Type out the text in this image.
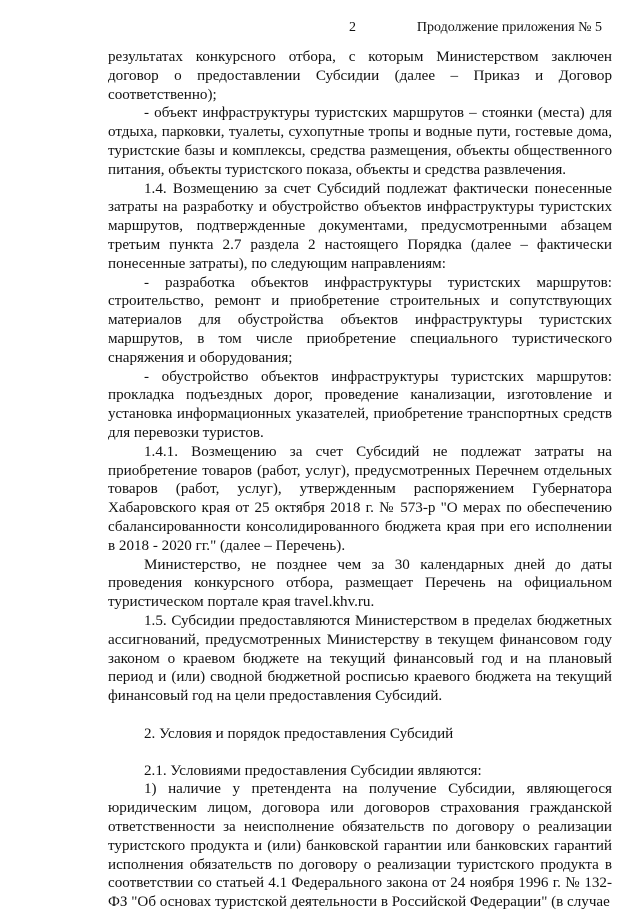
2	Продолжение приложения № 5

результатах конкурсного отбора, с которым Министерством заключен договор о предоставлении Субсидии (далее – Приказ и Договор соответственно);

- объект инфраструктуры туристских маршрутов – стоянки (места) для отдыха, парковки, туалеты, сухопутные тропы и водные пути, гостевые дома, туристские базы и комплексы, средства размещения, объекты общественного питания, объекты туристского показа, объекты и средства развлечения.

1.4. Возмещению за счет Субсидий подлежат фактически понесенные затраты на разработку и обустройство объектов инфраструктуры туристских маршрутов, подтвержденные документами, предусмотренными абзацем третьим пункта 2.7 раздела 2 настоящего Порядка (далее – фактически понесенные затраты), по следующим направлениям:

- разработка объектов инфраструктуры туристских маршрутов: строительство, ремонт и приобретение строительных и сопутствующих материалов для обустройства объектов инфраструктуры туристских маршрутов, в том числе приобретение специального туристического снаряжения и оборудования;

- обустройство объектов инфраструктуры туристских маршрутов: прокладка подъездных дорог, проведение канализации, изготовление и установка информационных указателей, приобретение транспортных средств для перевозки туристов.

1.4.1. Возмещению за счет Субсидий не подлежат затраты на приобретение товаров (работ, услуг), предусмотренных Перечнем отдельных товаров (работ, услуг), утвержденным распоряжением Губернатора Хабаровского края от 25 октября 2018 г. № 573-р "О мерах по обеспечению сбалансированности консолидированного бюджета края при его исполнении в 2018 - 2020 гг." (далее – Перечень).

Министерство, не позднее чем за 30 календарных дней до даты проведения конкурсного отбора, размещает Перечень на официальном туристическом портале края travel.khv.ru.

1.5. Субсидии предоставляются Министерством в пределах бюджетных ассигнований, предусмотренных Министерству в текущем финансовом году законом о краевом бюджете на текущий финансовый год и на плановый период и (или) сводной бюджетной росписью краевого бюджета на текущий финансовый год на цели предоставления Субсидий.

2. Условия и порядок предоставления Субсидий

2.1. Условиями предоставления Субсидии являются:

1) наличие у претендента на получение Субсидии, являющегося юридическим лицом, договора или договоров страхования гражданской ответственности за неисполнение обязательств по договору о реализации туристского продукта и (или) банковской гарантии или банковских гарантий исполнения обязательств по договору о реализации туристского продукта в соответствии со статьей 4.1 Федерального закона от 24 ноября 1996 г. № 132-ФЗ "Об основах туристской деятельности в Российской Федерации" (в случае
